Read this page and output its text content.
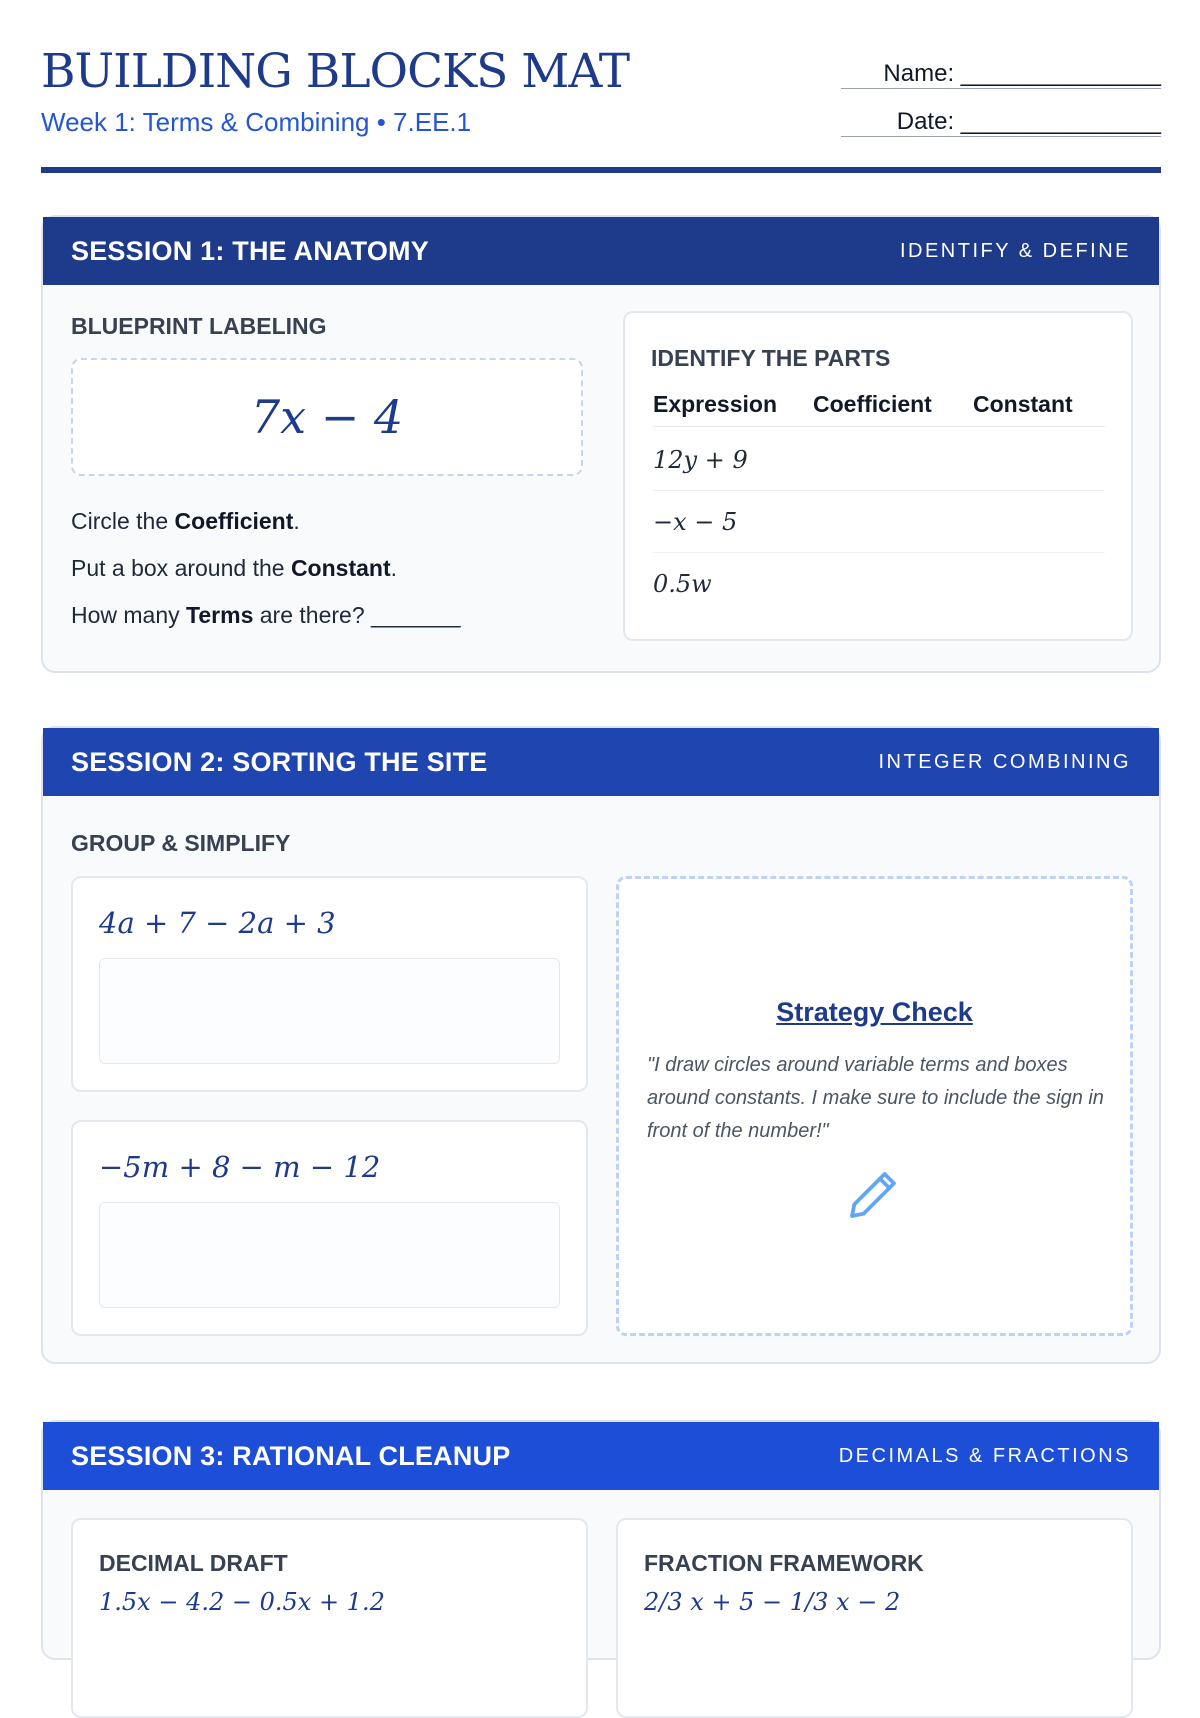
BUILDING BLOCKS MAT
Week 1: Terms & Combining • 7.EE.1
Name: _______________
Date: _______________
SESSION 1: THE ANATOMY	IDENTIFY & DEFINE
BLUEPRINT LABELING
7x − 4
Circle the Coefficient.
Put a box around the Constant.
How many Terms are there? _______
IDENTIFY THE PARTS
Expression Coefficient Constant
12y + 9
−x − 5
0.5w
SESSION 2: SORTING THE SITE	INTEGER COMBINING
GROUP & SIMPLIFY
4a + 7 − 2a + 3
−5m + 8 − m − 12
Strategy Check
"I draw circles around variable terms and boxes around constants. I make sure to include the sign in front of the number!"
SESSION 3: RATIONAL CLEANUP	DECIMALS & FRACTIONS
DECIMAL DRAFT
1.5x − 4.2 − 0.5x + 1.2
FRACTION FRAMEWORK
2/3 x + 5 − 1/3 x − 2
